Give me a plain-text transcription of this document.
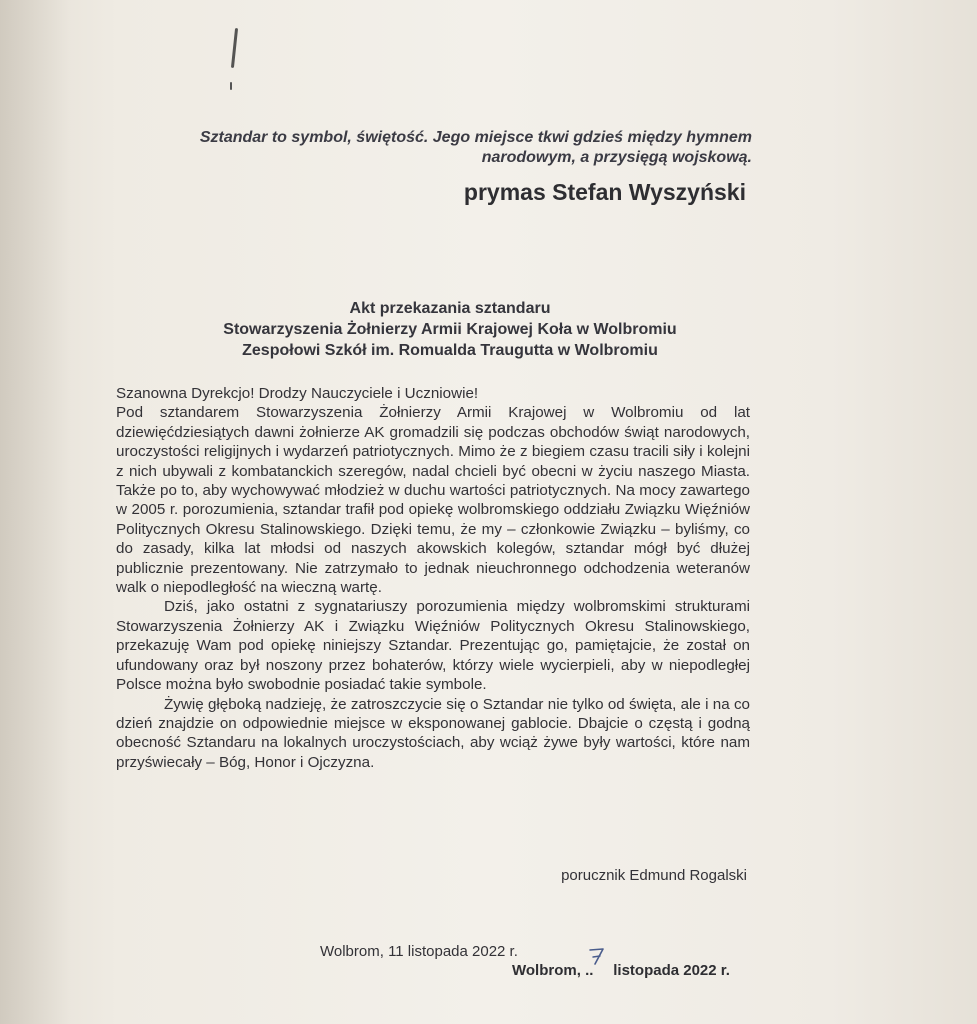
Sztandar to symbol, świętość. Jego miejsce tkwi gdzieś między hymnem
narodowym, a przysięgą wojskową.
prymas Stefan Wyszyński
Akt przekazania sztandaru
Stowarzyszenia Żołnierzy Armii Krajowej Koła w Wolbromiu
Zespołowi Szkół im. Romualda Traugutta w Wolbromiu

Szanowna Dyrekcjo! Drodzy Nauczyciele i Uczniowie!

Pod sztandarem Stowarzyszenia Żołnierzy Armii Krajowej w Wolbromiu od lat dziewięćdziesiątych dawni żołnierze AK gromadzili się podczas obchodów świąt narodowych, uroczystości religijnych i wydarzeń patriotycznych. Mimo że z biegiem czasu tracili siły i kolejni z nich ubywali z kombatanckich szeregów, nadal chcieli być obecni w życiu naszego Miasta. Także po to, aby wychowywać młodzież w duchu wartości patriotycznych. Na mocy zawartego w 2005 r. porozumienia, sztandar trafił pod opiekę wolbromskiego oddziału Związku Więźniów Politycznych Okresu Stalinowskiego. Dzięki temu, że my – członkowie Związku – byliśmy, co do zasady, kilka lat młodsi od naszych akowskich kolegów, sztandar mógł być dłużej publicznie prezentowany. Nie zatrzymało to jednak nieuchronnego odchodzenia weteranów walk o niepodległość na wieczną wartę.

Dziś, jako ostatni z sygnatariuszy porozumienia między wolbromskimi strukturami Stowarzyszenia Żołnierzy AK i Związku Więźniów Politycznych Okresu Stalinowskiego, przekazuję Wam pod opiekę niniejszy Sztandar. Prezentując go, pamiętajcie, że został on ufundowany oraz był noszony przez bohaterów, którzy wiele wycierpieli, aby w niepodległej Polsce można było swobodnie posiadać takie symbole.

Żywię głęboką nadzieję, że zatroszczycie się o Sztandar nie tylko od święta, ale i na co dzień znajdzie on odpowiednie miejsce w eksponowanej gablocie. Dbajcie o częstą i godną obecność Sztandaru na lokalnych uroczystościach, aby wciąż żywe były wartości, które nam przyświecały – Bóg, Honor i Ojczyzna.

porucznik Edmund Rogalski
Wolbrom, 11 listopada 2022 r.
Wolbrom, .. listopada 2022 r.
